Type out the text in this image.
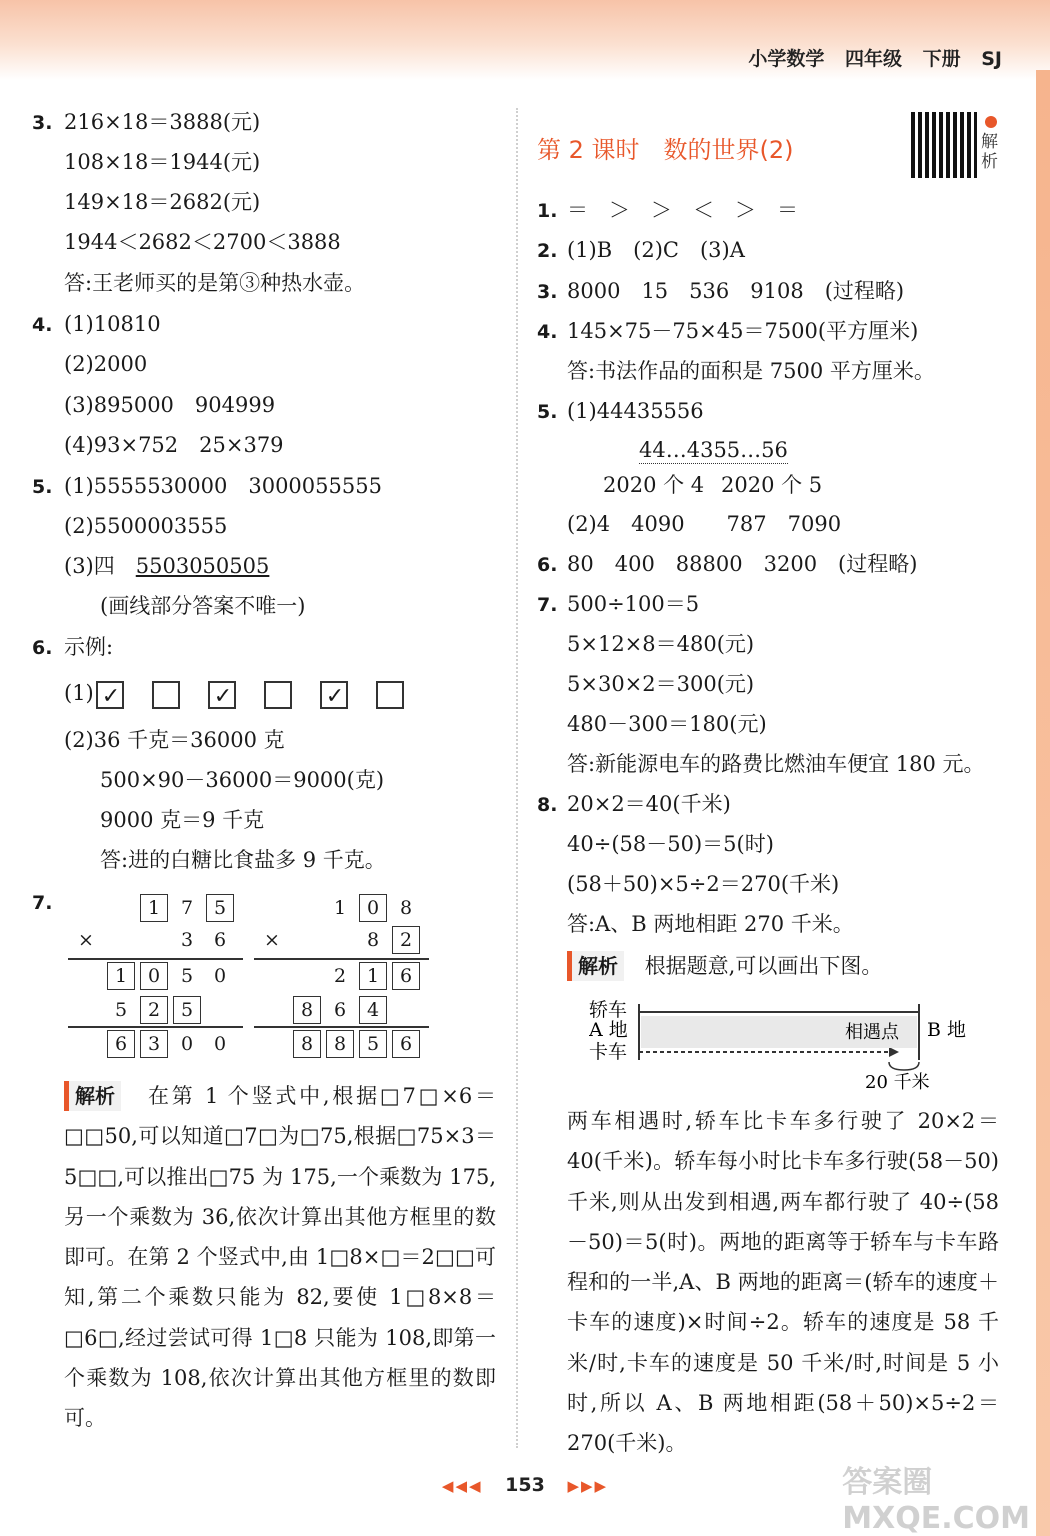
小学数学 四年级 下册 SJ
3. 216×18＝3888(元)
108×18＝1944(元)
149×18＝2682(元)
1944＜2682＜2700＜3888
答:王老师买的是第③种热水壶。
4. (1)10810
(2)2000
(3)895000　904999
(4)93×752　25×379
5. (1)5555530000　3000055555
(2)5500003555
(3)四　5503050505
(画线部分答案不唯一)
6. 示例:
(1)✓✓✓
(2)36 千克＝36000 克
500×90－36000＝9000(克)
9000 克＝9 千克
答:进的白糖比食盐多 9 千克。
7.	1	7	5
×	3	6
1	0	5	0
5	2	5
6	3	0	0
1	0	8
×	8	2
2	1	6
8	6	4
8	8	5	6
解析	在第 1 个竖式中,根据□7□×6＝□□50,可以知道□7□为□75,根据□75×3＝5□□,可以推出□75 为 175,一个乘数为 175,另一个乘数为 36,依次计算出其他方框里的数即可。在第 2 个竖式中,由 1□8×□＝2□□可知,第二个乘数只能为 82,要使 1□8×8＝□6□,经过尝试可得 1□8 只能为 108,即第一个乘数为 108,依次计算出其他方框里的数即可。
第 2 课时　数的世界(2)	解析
1. ＝　＞　＞　＜　＞　＝
2. (1)B　(2)C　(3)A
3. 8000　15　536　9108　(过程略)
4. 145×75－75×45＝7500(平方厘米)
答:书法作品的面积是 7500 平方厘米。
5. (1)44435556
44…4355…56
2020 个 4 2020 个 5
(2)4　4090　　787　7090
6. 80　400　88800　3200　(过程略)
7. 500÷100＝5
5×12×8＝480(元)
5×30×2＝300(元)
480－300＝180(元)
答:新能源电车的路费比燃油车便宜 180 元。
8. 20×2＝40(千米)
40÷(58－50)＝5(时)
(58＋50)×5÷2＝270(千米)
答:A、B 两地相距 270 千米。
解析 根据题意,可以画出下图。
轿车
A 地
卡车
相遇点 B 地
20 千米
两车相遇时,轿车比卡车多行驶了 20×2＝40(千米)。轿车每小时比卡车多行驶(58－50)千米,则从出发到相遇,两车都行驶了 40÷(58－50)＝5(时)。两地的距离等于轿车与卡车路程和的一半,A、B 两地的距离＝(轿车的速度＋卡车的速度)×时间÷2。轿车的速度是 58 千米/时,卡车的速度是 50 千米/时,时间是 5 小时,所以 A、B 两地相距(58＋50)×5÷2＝270(千米)。
◀◀◀ 153 ▶▶▶	答案圈
MXQE.COM
